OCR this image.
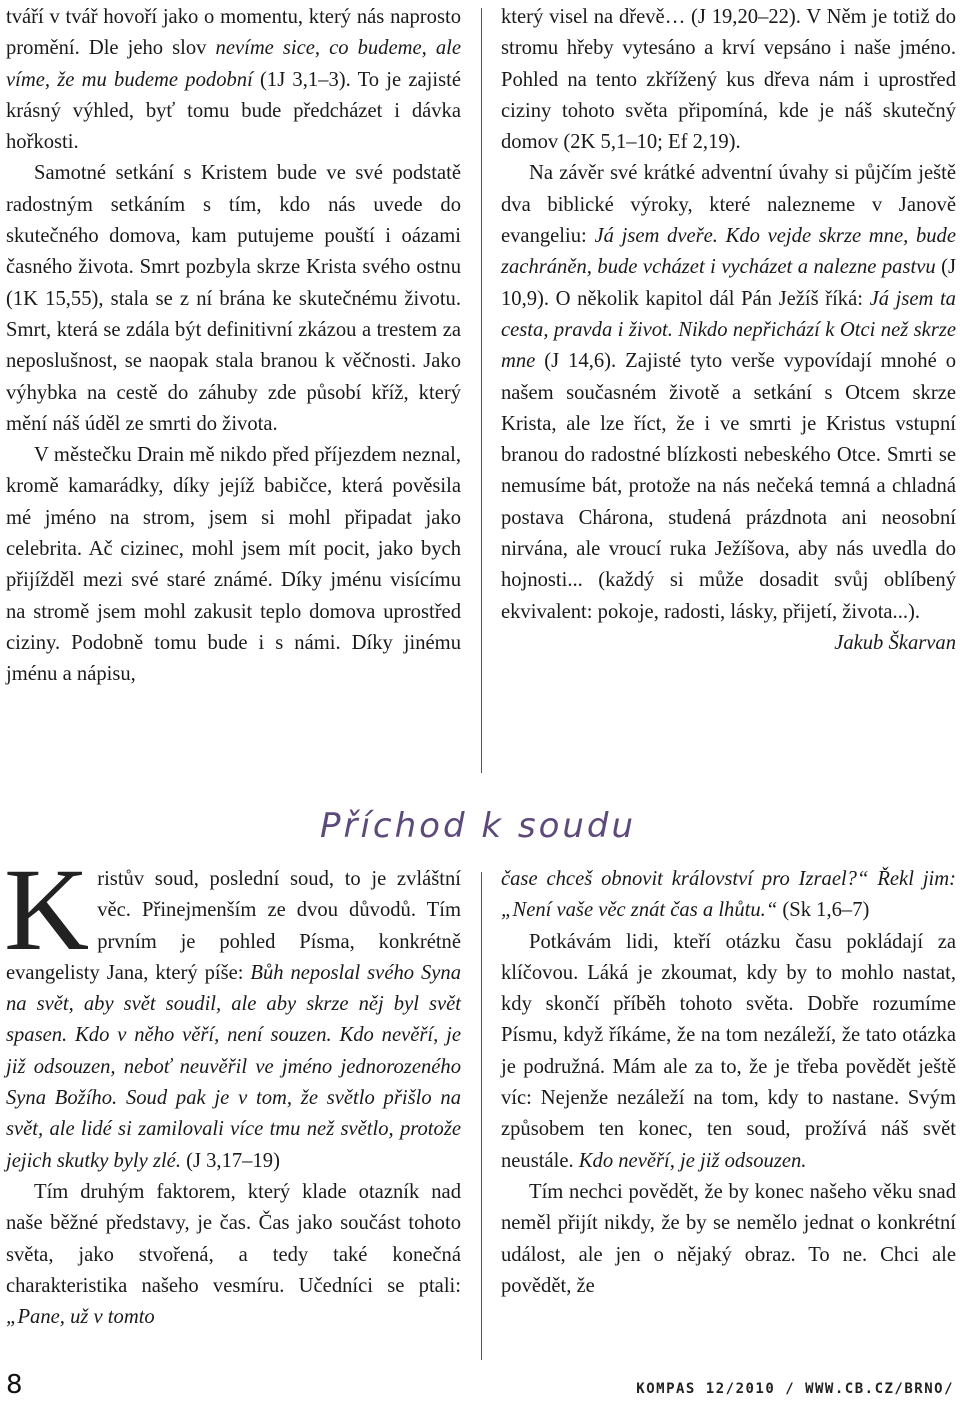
tváří v tvář hovoří jako o momentu, který nás naprosto promění. Dle jeho slov nevíme sice, co budeme, ale víme, že mu budeme podobní (1J 3,1–3). To je zajisté krásný výhled, byť tomu bude předcházet i dávka hořkosti.

Samotné setkání s Kristem bude ve své podstatě radostným setkáním s tím, kdo nás uvede do skutečného domova, kam putujeme pouští i oázami časného života. Smrt pozbyla skrze Krista svého ostnu (1K 15,55), stala se z ní brána ke skutečnému životu. Smrt, která se zdála být definitivní zkázou a trestem za neposlušnost, se naopak stala branou k věčnosti. Jako výhybka na cestě do záhuby zde působí kříž, který mění náš úděl ze smrti do života.

V městečku Drain mě nikdo před příjezdem neznal, kromě kamarádky, díky jejíž babičce, která pověsila mé jméno na strom, jsem si mohl připadat jako celebrita. Ač cizinec, mohl jsem mít pocit, jako bych přijížděl mezi své staré známé. Díky jménu visícímu na stromě jsem mohl zakusit teplo domova uprostřed ciziny. Podobně tomu bude i s námi. Díky jinému jménu a nápisu,

který visel na dřevě… (J 19,20–22). V Něm je totiž do stromu hřeby vytesáno a krví vepsáno i naše jméno. Pohled na tento zkřížený kus dřeva nám i uprostřed ciziny tohoto světa připomíná, kde je náš skutečný domov (2K 5,1–10; Ef 2,19).

Na závěr své krátké adventní úvahy si půjčím ještě dva biblické výroky, které nalezneme v Janově evangeliu: Já jsem dveře. Kdo vejde skrze mne, bude zachráněn, bude vcházet i vycházet a nalezne pastvu (J 10,9). O několik kapitol dál Pán Ježíš říká: Já jsem ta cesta, pravda i život. Nikdo nepřichází k Otci než skrze mne (J 14,6). Zajisté tyto verše vypovídají mnohé o našem současném životě a setkání s Otcem skrze Krista, ale lze říct, že i ve smrti je Kristus vstupní branou do radostné blízkosti nebeského Otce. Smrti se nemusíme bát, protože na nás nečeká temná a chladná postava Chárona, studená prázdnota ani neosobní nirvána, ale vroucí ruka Ježíšova, aby nás uvedla do hojnosti... (každý si může dosadit svůj oblíbený ekvivalent: pokoje, radosti, lásky, přijetí, života...).

Jakub Škarvan

Příchod k soudu

Kristův soud, poslední soud, to je zvláštní věc. Přinejmenším ze dvou důvodů. Tím prvním je pohled Písma, konkrétně evangelisty Jana, který píše: Bůh neposlal svého Syna na svět, aby svět soudil, ale aby skrze něj byl svět spasen. Kdo v něho věří, není souzen. Kdo nevěří, je již odsouzen, neboť neuvěřil ve jméno jednorozeného Syna Božího. Soud pak je v tom, že světlo přišlo na svět, ale lidé si zamilovali více tmu než světlo, protože jejich skutky byly zlé. (J 3,17–19)

Tím druhým faktorem, který klade otazník nad naše běžné představy, je čas. Čas jako součást tohoto světa, jako stvořená, a tedy také konečná charakteristika našeho vesmíru. Učedníci se ptali: „Pane, už v tomto

čase chceš obnovit království pro Izrael?“ Řekl jim: „Není vaše věc znát čas a lhůtu.“ (Sk 1,6–7)

Potkávám lidi, kteří otázku času pokládají za klíčovou. Láká je zkoumat, kdy by to mohlo nastat, kdy skončí příběh tohoto světa. Dobře rozumíme Písmu, když říkáme, že na tom nezáleží, že tato otázka je podružná. Mám ale za to, že je třeba povědět ještě víc: Nejenže nezáleží na tom, kdy to nastane. Svým způsobem ten konec, ten soud, prožívá náš svět neustále. Kdo nevěří, je již odsouzen.

Tím nechci povědět, že by konec našeho věku snad neměl přijít nikdy, že by se nemělo jednat o konkrétní událost, ale jen o nějaký obraz. To ne. Chci ale povědět, že

8	KOMPAS 12/2010 / WWW.CB.CZ/BRNO/
